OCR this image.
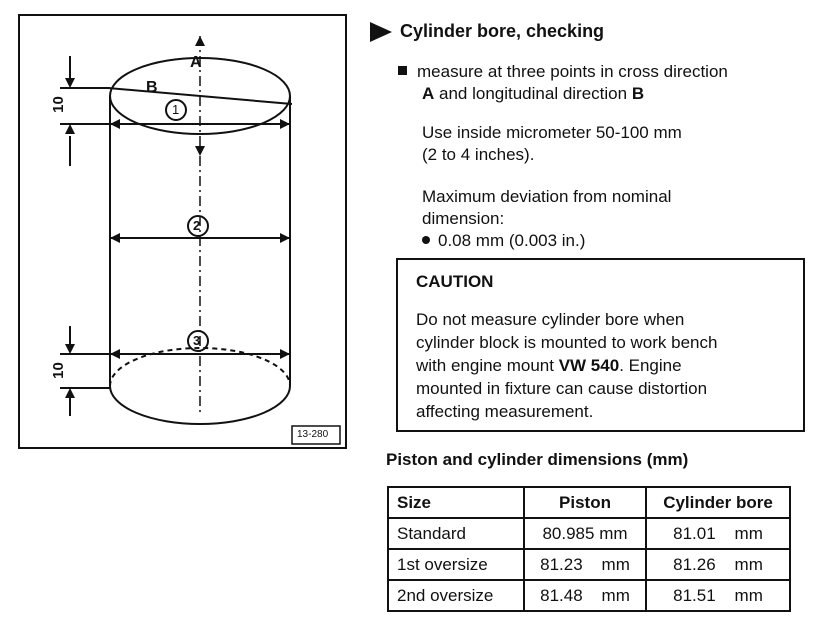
A
B
10
10
1
2
3
13-280
Cylinder bore, checking
measure at three points in cross direction
A and longitudinal direction B
Use inside micrometer 50-100 mm
(2 to 4 inches).
Maximum deviation from nominal
dimension:
0.08 mm (0.003 in.)
CAUTION
Do not measure cylinder bore when
cylinder block is mounted to work bench
with engine mount VW 540. Engine
mounted in fixture can cause distortion
affecting measurement.
Piston and cylinder dimensions (mm)
Size	Piston	Cylinder bore
Standard	80.985 mm	81.01    mm
1st oversize	81.23    mm	81.26    mm
2nd oversize	81.48    mm	81.51    mm
